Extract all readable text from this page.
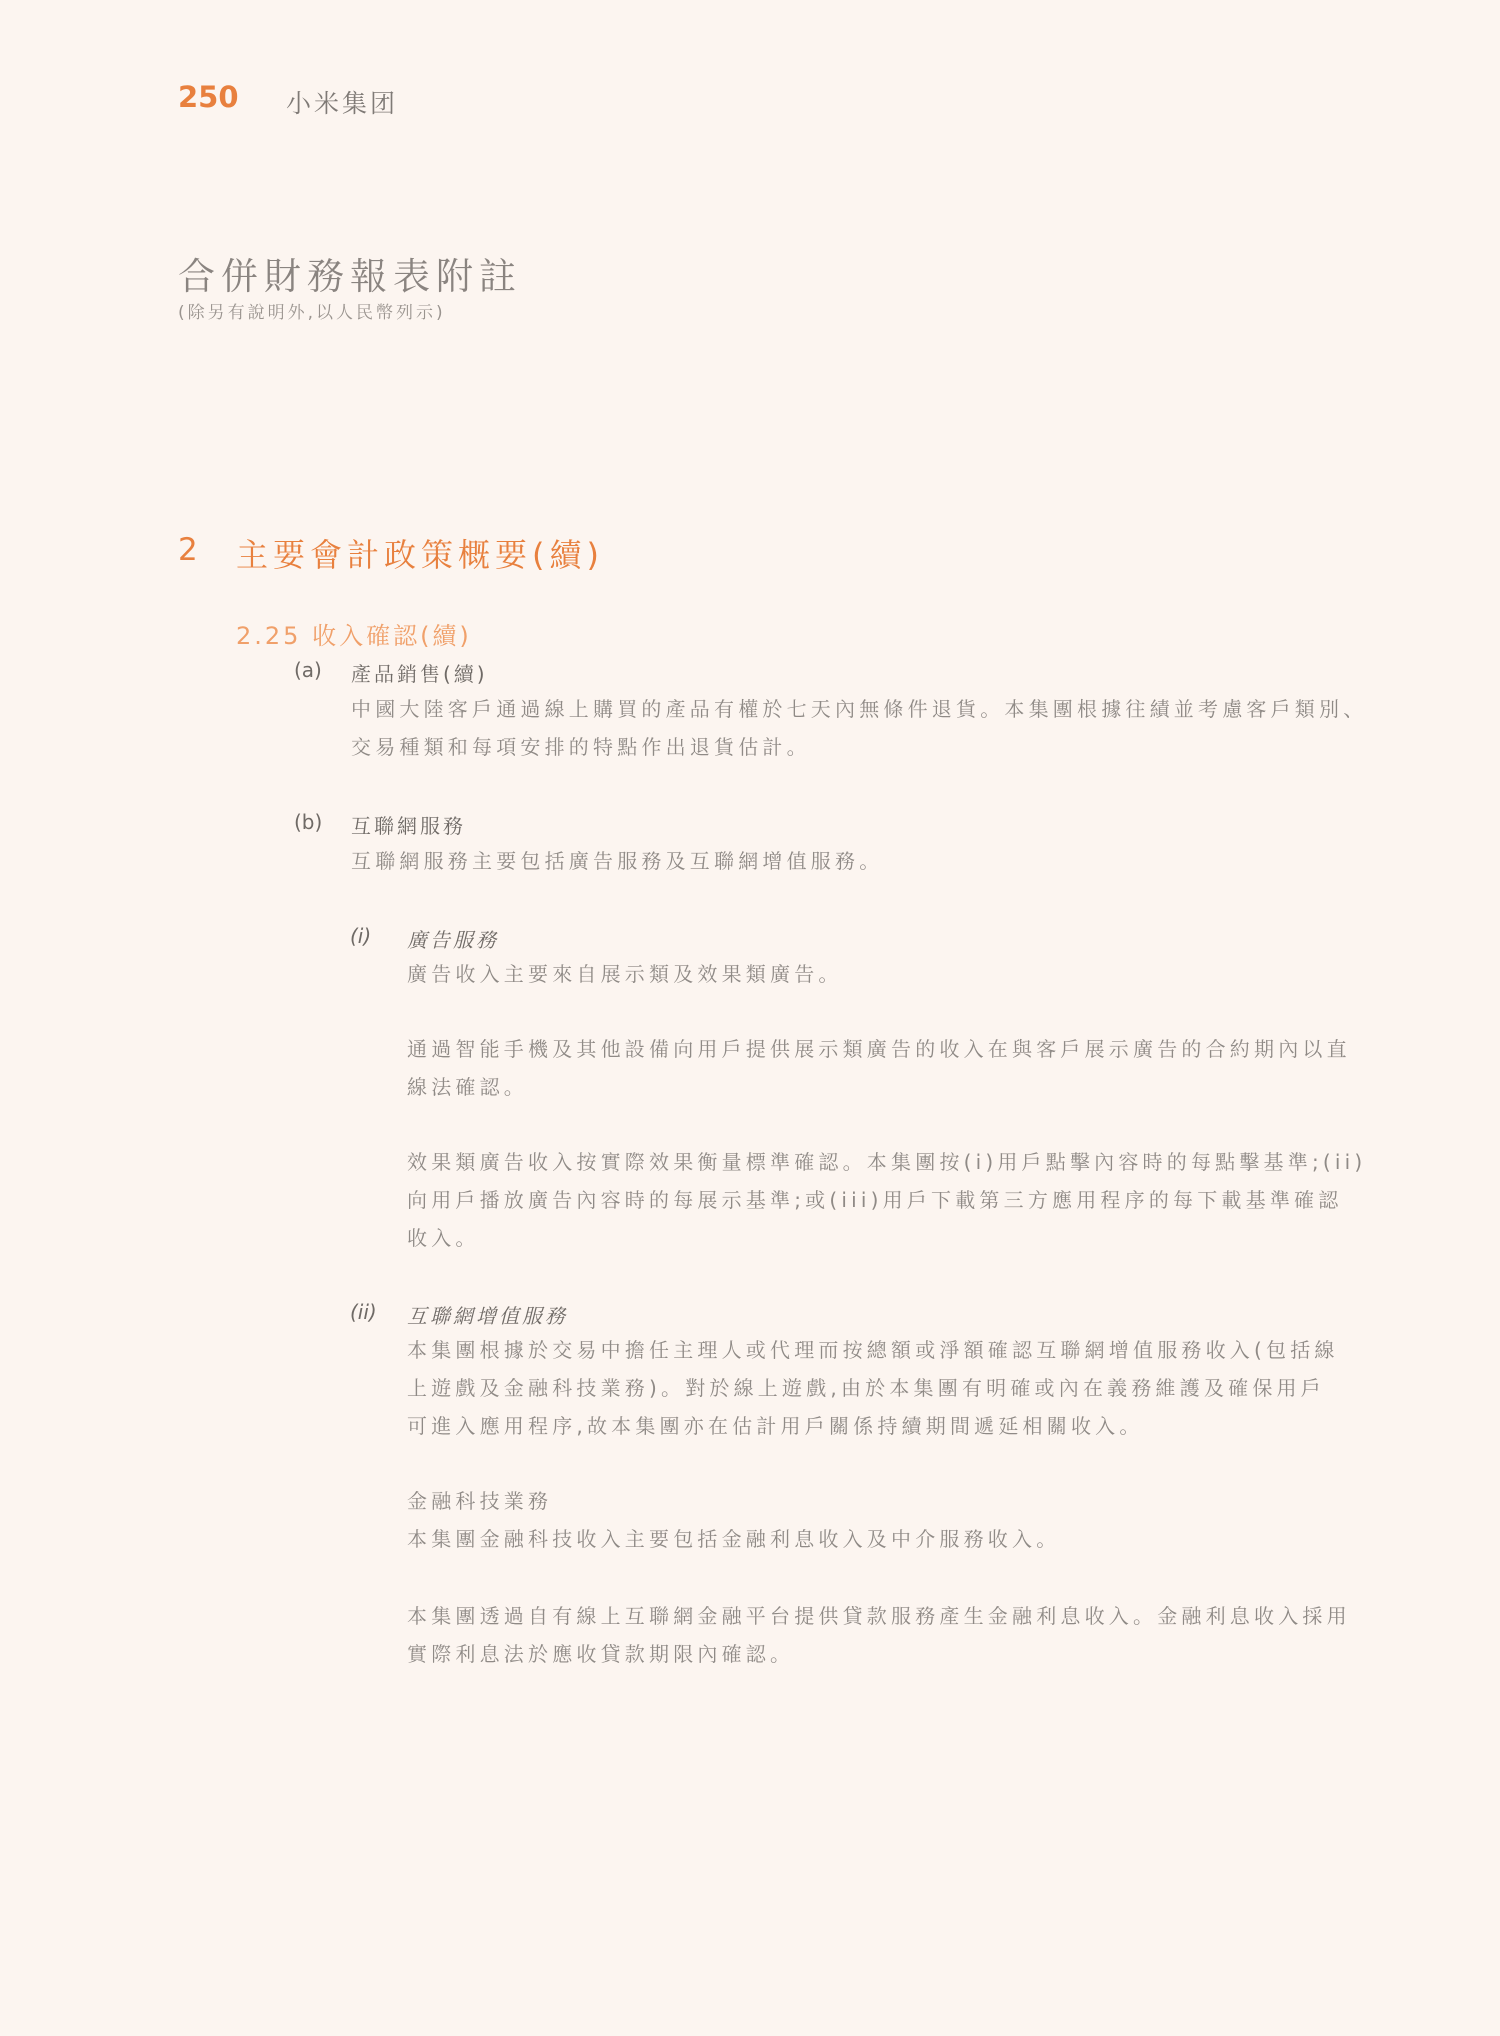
250 小米集团
合併財務報表附註
(除另有說明外,以人民幣列示)
2 主要會計政策概要(續)
2.25 收入確認(續)
(a) 產品銷售(續)
中國大陸客戶通過線上購買的產品有權於七天內無條件退貨。本集團根據往績並考慮客戶類別、
交易種類和每項安排的特點作出退貨估計。
(b) 互聯網服務
互聯網服務主要包括廣告服務及互聯網增值服務。
(i) 廣告服務
廣告收入主要來自展示類及效果類廣告。
通過智能手機及其他設備向用戶提供展示類廣告的收入在與客戶展示廣告的合約期內以直
線法確認。
效果類廣告收入按實際效果衡量標準確認。本集團按(i)用戶點擊內容時的每點擊基準;(ii)
向用戶播放廣告內容時的每展示基準;或(iii)用戶下載第三方應用程序的每下載基準確認
收入。
(ii) 互聯網增值服務
本集團根據於交易中擔任主理人或代理而按總額或淨額確認互聯網增值服務收入(包括線
上遊戲及金融科技業務)。對於線上遊戲,由於本集團有明確或內在義務維護及確保用戶
可進入應用程序,故本集團亦在估計用戶關係持續期間遞延相關收入。
金融科技業務
本集團金融科技收入主要包括金融利息收入及中介服務收入。
本集團透過自有線上互聯網金融平台提供貸款服務產生金融利息收入。金融利息收入採用
實際利息法於應收貸款期限內確認。
